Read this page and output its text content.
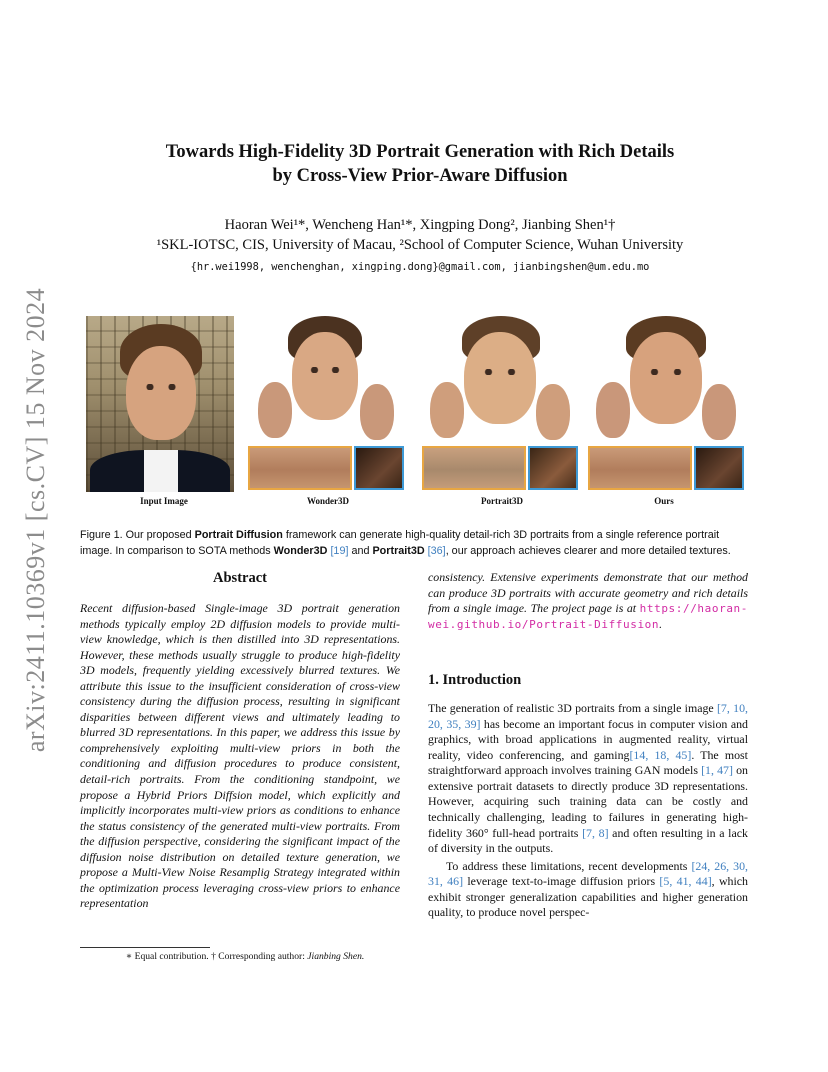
arXiv:2411.10369v1 [cs.CV] 15 Nov 2024
Towards High-Fidelity 3D Portrait Generation with Rich Details
by Cross-View Prior-Aware Diffusion
Haoran Wei¹*, Wencheng Han¹*, Xingping Dong², Jianbing Shen¹†
¹SKL-IOTSC, CIS, University of Macau, ²School of Computer Science, Wuhan University
{hr.wei1998, wenchenghan, xingping.dong}@gmail.com, jianbingshen@um.edu.mo
Input Image	Wonder3D	Portrait3D	Ours
Figure 1. Our proposed Portrait Diffusion framework can generate high-quality detail-rich 3D portraits from a single reference portrait image. In comparison to SOTA methods Wonder3D [19] and Portrait3D [36], our approach achieves clearer and more detailed textures.
Abstract

Recent diffusion-based Single-image 3D portrait generation methods typically employ 2D diffusion models to provide multi-view knowledge, which is then distilled into 3D representations. However, these methods usually struggle to produce high-fidelity 3D models, frequently yielding excessively blurred textures. We attribute this issue to the insufficient consideration of cross-view consistency during the diffusion process, resulting in significant disparities between different views and ultimately leading to blurred 3D representations. In this paper, we address this issue by comprehensively exploiting multi-view priors in both the conditioning and diffusion procedures to produce consistent, detail-rich portraits. From the conditioning standpoint, we propose a Hybrid Priors Diffsion model, which explicitly and implicitly incorporates multi-view priors as conditions to enhance the status consistency of the generated multi-view portraits. From the diffusion perspective, considering the significant impact of the diffusion noise distribution on detailed texture generation, we propose a Multi-View Noise Resamplig Strategy integrated within the optimization process leveraging cross-view priors to enhance representation

consistency. Extensive experiments demonstrate that our method can produce 3D portraits with accurate geometry and rich details from a single image. The project page is at https://haoran-wei.github.io/Portrait-Diffusion.

1. Introduction

The generation of realistic 3D portraits from a single image [7, 10, 20, 35, 39] has become an important focus in computer vision and graphics, with broad applications in augmented reality, virtual reality, video conferencing, and gaming[14, 18, 45]. The most straightforward approach involves training GAN models [1, 47] on extensive portrait datasets to directly produce 3D representations. However, acquiring such training data can be costly and technically challenging, leading to failures in generating high-fidelity 360° full-head portraits [7, 8] and often resulting in a lack of diversity in the outputs.

To address these limitations, recent developments [24, 26, 30, 31, 46] leverage text-to-image diffusion priors [5, 41, 44], which exhibit stronger generalization capabilities and higher generation quality, to produce novel perspec-

∗ Equal contribution. † Corresponding author: Jianbing Shen.
